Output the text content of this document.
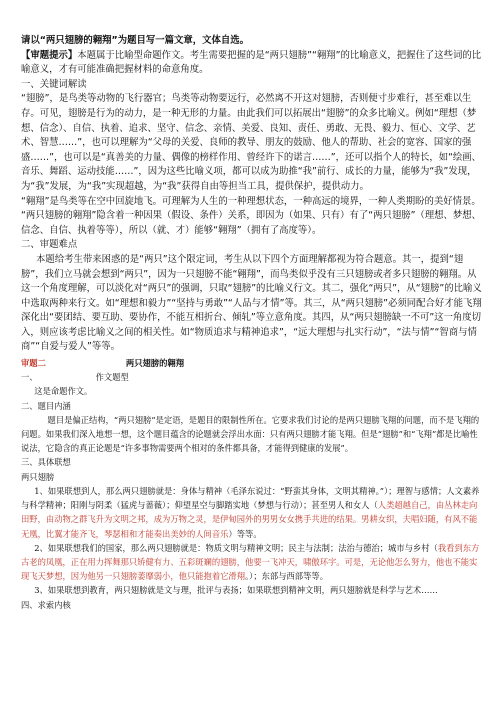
请以“两只翅膀的翱翔”为题目写一篇文章，文体自选。

【审题提示】本题属于比喻型命题作文。考生需要把握的是“两只翅膀”“翱翔”的比喻意义，把握住了这些词的比喻意义，才有可能准确把握材料的命意角度。

一、关键词解读

“翅膀”，是鸟类等动物的飞行器官；鸟类等动物要远行，必然离不开这对翅膀，否则便寸步难行，甚至难以生存。可见，翅膀是行为的动力，是一种无形的力量。由此我们可以拓展出“翅膀”的众多比喻义。例如“理想（梦想、信念）、自信、执着、追求、坚守、信念、亲情、美爱、良知、责任、勇敢、无畏、毅力、恒心、文学、艺术、智慧……”，也可以理解为“父母的关爱、良师的教导、朋友的鼓励、他人的帮助、社会的宽容、国家的强盛……”，也可以是“真善美的力量、偶像的榜样作用、曾经许下的诺言……”，还可以指个人的特长，如“绘画、音乐、舞蹈、运动技能……”，因为这些比喻义项，都可以成为助推“我”前行、成长的力量，能够为“我”发现，为“我”发展，为“我”实现超越，为“我”获得自由等担当工具，提供保护，提供动力。

“翱翔”是鸟类等在空中回旋地飞。可理解为人生的一种理想状态，一种高远的境界，一种人类期盼的美好情景。

“两只翅膀的翱翔”隐含着一种因果（假设、条件）关系，即因为（如果、只有）有了“两只翅膀”（理想、梦想、信念、自信、执着等等），所以（就、才）能够“翱翔”（拥有了高度等）。

二、审题难点

本题给考生带来困惑的是“两只”这个限定词，考生从以下四个方面理解都视为符合题意。其一，提到“翅膀”，我们立马就会想到“两只”，因为一只翅膀不能“翱翔”，而鸟类似乎没有三只翅膀或者多只翅膀的翱翔。从这一个角度理解，可以淡化对“两只”的强调，只取“翅膀”的比喻义行文。其二，强化“两只”，从“翅膀”的比喻义中选取两种来行文。如“理想和毅力”“坚持与勇敢”“人品与才情”等。其三，从“两只翅膀”必须同配合好才能飞翔深化出“要团结、要互助、要协作，不能互相折台、倾轧”等立意角度。其四，从“两只翅膀缺一不可”这一角度切入，则应该考虑比喻义之间的相关性。如“物质追求与精神追求”，“远大理想与扎实行动”，“法与情”“智商与情商”“自爱与爱人”等等。

审题二	两只翅膀的翱翔

一、	作文题型

这是命题作文。

二、题目内涵

题目是偏正结构，“两只翅膀”是定语，是题目的限制性所在。它要求我们讨论的是两只翅膀飞翔的问题，而不是飞翔的问题。如果我们深入地想一想，这个题目蕴含的论题就会浮出水面：只有两只翅膀才能飞翔。但是“翅膀”和“飞翔”都是比喻性说法，它隐含的真正论题是“许多事物需要两个相对的条件都具备，才能得到健康的发展”。

三、具体联想

两只翅膀

1、如果联想到人，那么两只翅膀就是：身体与精神（毛泽东说过：“野蛮其身体，文明其精神。”）；理智与感情；人文素养与科学精神；阳刚与阴柔（猛虎与蔷薇）；仰望星空与脚踏实地（梦想与行动）；甚至男人和女人（人类超越自己，由丛林走向田野，由动物之群飞升为文明之邦，成为万物之灵，是伊甸园外的男男女女携手共进的结果。男耕女织，夫唱妇随，有风不能无凰，比翼才能齐飞，琴瑟相和才能奏出美妙的人间音乐）等等。

2、如果联想我们的国家，那么两只翅膀就是：物质文明与精神文明；民主与法制；法治与德治；城市与乡村（我看到东方古老的凤凰，正在用力挥舞那只矫健有力、五彩斑斓的翅膀，他要一飞冲天，啸傲环宇。可是，无论他怎么努力，他也不能实现飞天梦想，因为他另一只翅膀萎靡弱小，他只能抱着它滑翔。）；东部与西部等等。

3、如果联想到教育，两只翅膀就是文与理，批评与表扬；如果联想到精神文明，两只翅膀就是科学与艺术……

四、求索内核
